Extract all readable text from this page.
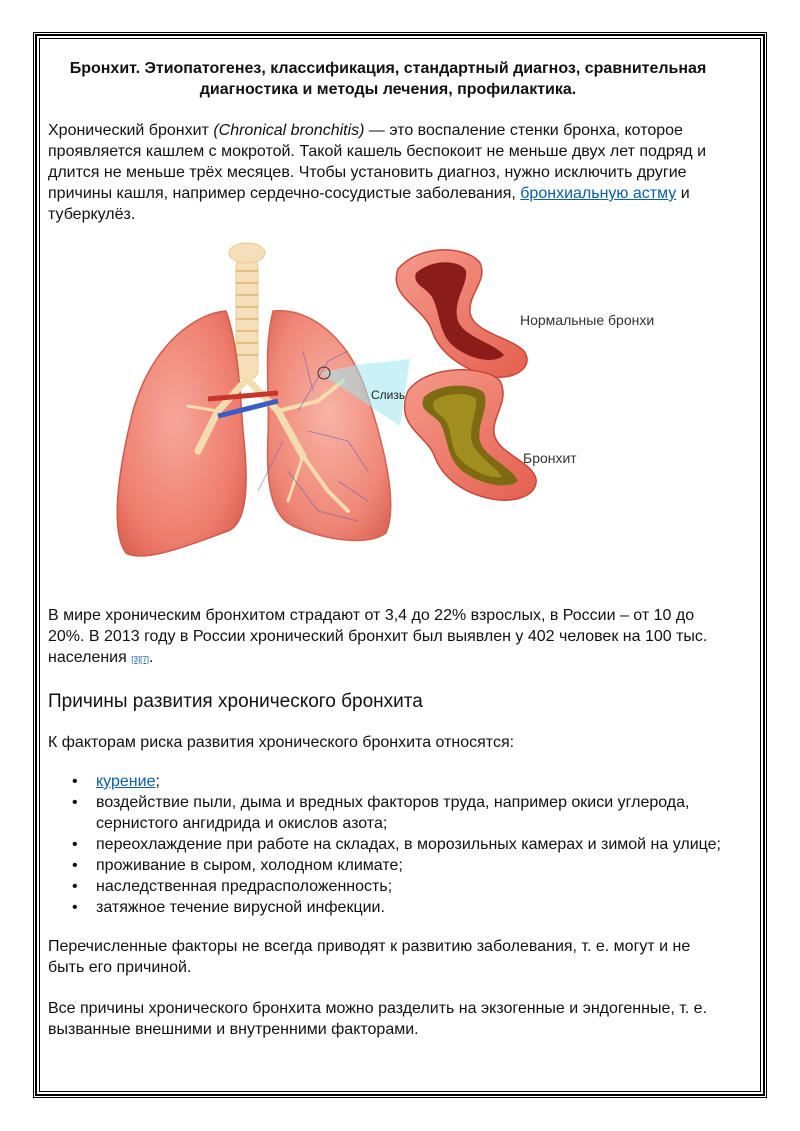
Бронхит. Этиопатогенез, классификация, стандартный диагноз, сравнительная диагностика и методы лечения, профилактика.

Хронический бронхит (Chronical bronchitis) — это воспаление стенки бронха, которое проявляется кашлем с мокротой. Такой кашель беспокоит не меньше двух лет подряд и длится не меньше трёх месяцев. Чтобы установить диагноз, нужно исключить другие причины кашля, например сердечно-сосудистые заболевания, бронхиальную астму и туберкулёз.

Нормальные бронхи
Слизь
Бронхит

В мире хроническим бронхитом страдают от 3,4 до 22% взрослых, в России – от 10 до 20%. В 2013 году в России хронический бронхит был выявлен у 402 человек на 100 тыс. населения [3][7].

Причины развития хронического бронхита

К факторам риска развития хронического бронхита относятся:

• курение;
• воздействие пыли, дыма и вредных факторов труда, например окиси углерода, сернистого ангидрида и окислов азота;
• переохлаждение при работе на складах, в морозильных камерах и зимой на улице;
• проживание в сыром, холодном климате;
• наследственная предрасположенность;
• затяжное течение вирусной инфекции.

Перечисленные факторы не всегда приводят к развитию заболевания, т. е. могут и не быть его причиной.

Все причины хронического бронхита можно разделить на экзогенные и эндогенные, т. е. вызванные внешними и внутренними факторами.
